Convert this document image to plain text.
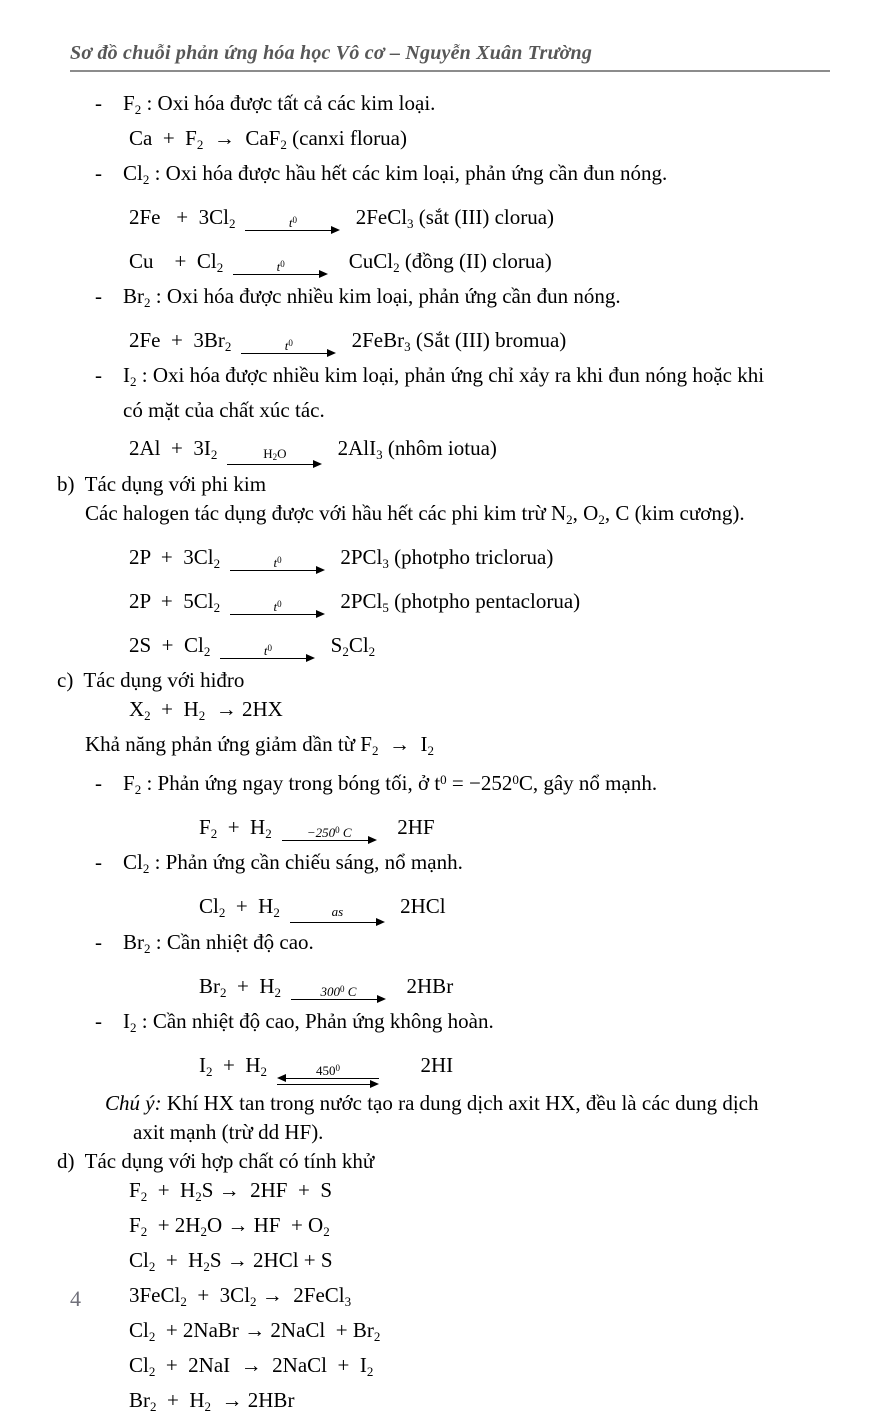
Sơ đồ chuỗi phản ứng hóa học Vô cơ – Nguyễn Xuân Trường
- $F_2$ : Oxi hóa được tất cả các kim loại.
$Ca + F_2 \to CaF_2$ (canxi florua)
- $Cl_2$ : Oxi hóa được hầu hết các kim loại, phản ứng cần đun nóng.
$2Fe + 3Cl_2$	$t^0$	2FeCl$_3$ (sắt (III) clorua)
Cu    +  $Cl_2$	$t^0$	CuCl$_2$ (đồng (II) clorua)
- $Br_2$ : Oxi hóa được nhiều kim loại, phản ứng cần đun nóng.
$2Fe + 3Br_2$	$t^0$	2FeBr$_3$ (Sắt (III) bromua)
- $I_2$ : Oxi hóa được nhiều kim loại, phản ứng chỉ xảy ra khi đun nóng hoặc khi
có mặt của chất xúc tác.
$2Al + 3I_2$	$H_2O$	2AlI$_3$ (nhôm iotua)
b)  Tác dụng với phi kim
Các halogen tác dụng được với hầu hết các phi kim trừ $N_2$, $O_2$, C (kim cương).
$2P + 3Cl_2$	$t^0$	2PCl$_3$ (photpho triclorua)
$2P + 5Cl_2$	$t^0$	2PCl$_5$ (photpho pentaclorua)
$2S + Cl_2$	$t^0$	$S_2Cl_2$
c)  Tác dụng với hiđro
$X_2 + H_2 \to 2HX$
Khả năng phản ứng giảm dần từ $F_2 \to I_2$
- $F_2$ : Phản ứng ngay trong bóng tối, ở $t^0 = -252^0C$, gây nổ mạnh.
$F_2 + H_2$	$-250^0$ C	2HF
- $Cl_2$ : Phản ứng cần chiếu sáng, nổ mạnh.
$Cl_2 + H_2$	as	2HCl
- $Br_2$ : Cần nhiệt độ cao.
$Br_2 + H_2$	$300^0$ C	2HBr
- $I_2$ : Cần nhiệt độ cao, Phản ứng không hoàn.
$I_2 + H_2$	$450^0$	2HI
Chú ý: Khí HX tan trong nước tạo ra dung dịch axit HX, đều là các dung dịch
axit mạnh (trừ dd HF).
d)  Tác dụng với hợp chất có tính khử
$F_2 + H_2S \to 2HF + S$
$F_2 + 2H_2O$ → HF  + $O_2$
$Cl_2 + H_2S \to 2HCl + S$
3FeCl$_2$  +  $3Cl_2$ →  2FeCl$_3$
$Cl_2$  + 2NaBr → 2NaCl  + $Br_2$
$Cl_2 + 2NaI$  →  2NaCl  +  $I_2$
$Br_2 + H_2 \to 2HBr$
4
